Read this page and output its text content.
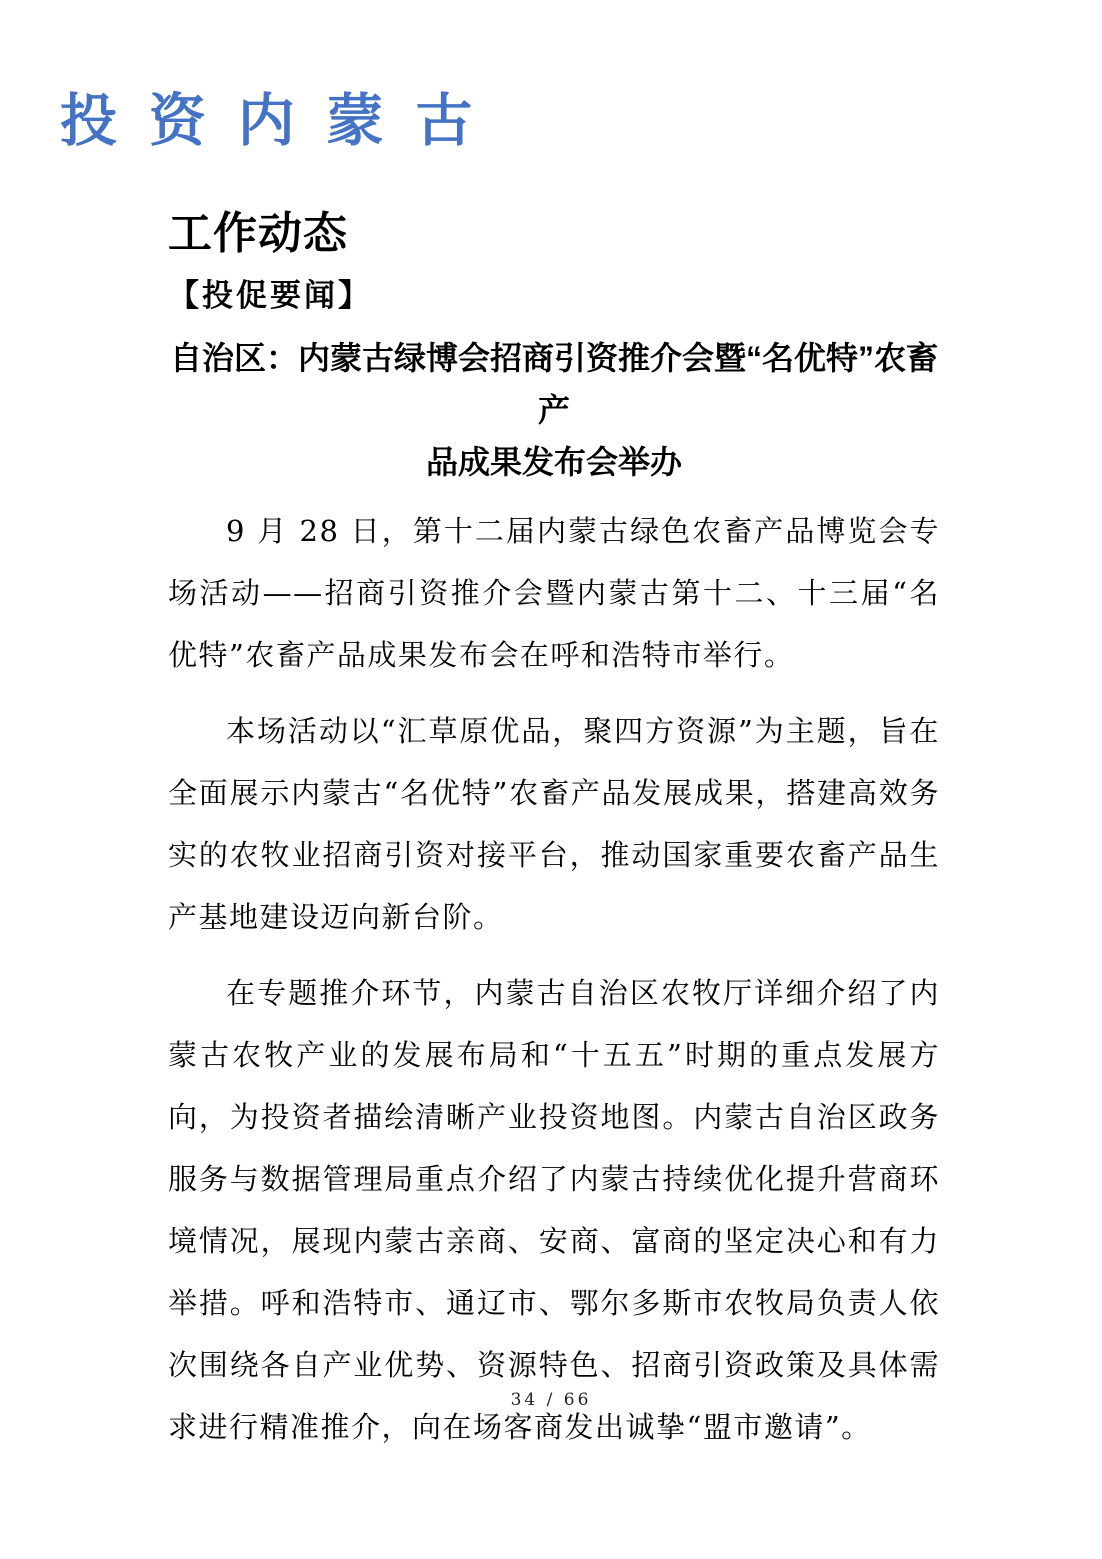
投 资 内 蒙 古
工作动态
【投促要闻】
自治区：内蒙古绿博会招商引资推介会暨“名优特”农畜产
品成果发布会举办

9 月 28 日，第十二届内蒙古绿色农畜产品博览会专场活动——招商引资推介会暨内蒙古第十二、十三届“名优特”农畜产品成果发布会在呼和浩特市举行。

本场活动以“汇草原优品，聚四方资源”为主题，旨在全面展示内蒙古“名优特”农畜产品发展成果，搭建高效务实的农牧业招商引资对接平台，推动国家重要农畜产品生产基地建设迈向新台阶。

在专题推介环节，内蒙古自治区农牧厅详细介绍了内蒙古农牧产业的发展布局和“十五五”时期的重点发展方向，为投资者描绘清晰产业投资地图。内蒙古自治区政务服务与数据管理局重点介绍了内蒙古持续优化提升营商环境情况，展现内蒙古亲商、安商、富商的坚定决心和有力举措。呼和浩特市、通辽市、鄂尔多斯市农牧局负责人依次围绕各自产业优势、资源特色、招商引资政策及具体需求进行精准推介，向在场客商发出诚挚“盟市邀请”。

34 / 66
